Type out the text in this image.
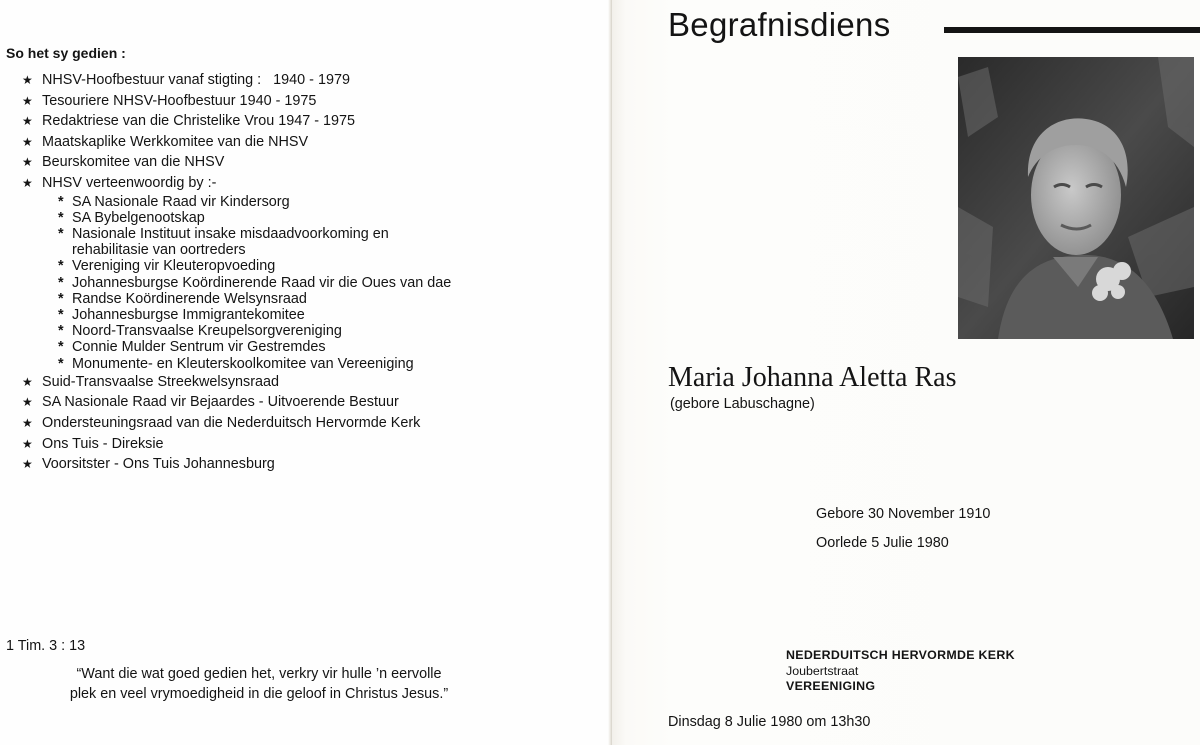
So het sy gedien :

★ NHSV-Hoofbestuur vanaf stigting : 1940 - 1979
★ Tesouriere NHSV-Hoofbestuur 1940 - 1975
★ Redaktriese van die Christelike Vrou 1947 - 1975
★ Maatskaplike Werkkomitee van die NHSV
★ Beurskomitee van die NHSV
★ NHSV verteenwoordig by :-
* SA Nasionale Raad vir Kindersorg
* SA Bybelgenootskap
* Nasionale Instituut insake misdaadvoorkoming en
rehabilitasie van oortreders
* Vereniging vir Kleuteropvoeding
* Johannesburgse Koördinerende Raad vir die Oues van dae
* Randse Koördinerende Welsynsraad
* Johannesburgse Immigrantekomitee
* Noord-Transvaalse Kreupelsorgvereniging
* Connie Mulder Sentrum vir Gestremdes
* Monumente- en Kleuterskoolkomitee van Vereeniging
★ Suid-Transvaalse Streekwelsynsraad
★ SA Nasionale Raad vir Bejaardes - Uitvoerende Bestuur
★ Ondersteuningsraad van die Nederduitsch Hervormde Kerk
★ Ons Tuis - Direksie
★ Voorsitster - Ons Tuis Johannesburg

1 Tim. 3 : 13

“Want die wat goed gedien het, verkry vir hulle ’n eervolle
plek en veel vrymoedigheid in die geloof in Christus Jesus.”

Begrafnisdiens
Maria Johanna Aletta Ras

(gebore Labuschagne)

Gebore 30 November 1910
Oorlede 5 Julie 1980

NEDERDUITSCH HERVORMDE KERK
Joubertstraat
VEREENIGING

Dinsdag 8 Julie 1980 om 13h30
